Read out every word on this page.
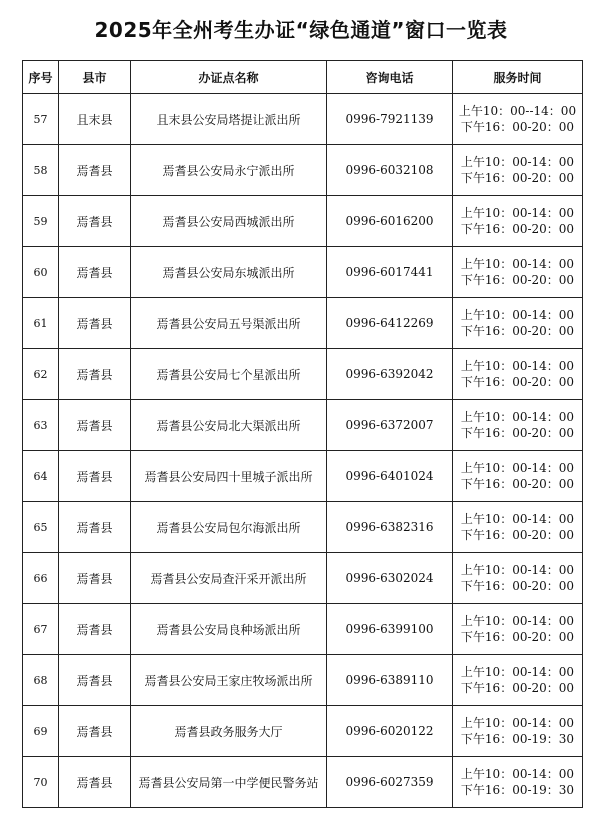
2025年全州考生办证“绿色通道”窗口一览表
序号	县市	办证点名称	咨询电话	服务时间
57	且末县	且末县公安局塔提让派出所	0996-7921139	上午10：00--14：00
下午16：00-20：00

58	焉耆县	焉耆县公安局永宁派出所	0996-6032108	上午10：00-14：00
下午16：00-20：00

59	焉耆县	焉耆县公安局西城派出所	0996-6016200	上午10：00-14：00
下午16：00-20：00

60	焉耆县	焉耆县公安局东城派出所	0996-6017441	上午10：00-14：00
下午16：00-20：00

61	焉耆县	焉耆县公安局五号渠派出所	0996-6412269	上午10：00-14：00
下午16：00-20：00

62	焉耆县	焉耆县公安局七个星派出所	0996-6392042	上午10：00-14：00
下午16：00-20：00

63	焉耆县	焉耆县公安局北大渠派出所	0996-6372007	上午10：00-14：00
下午16：00-20：00

64	焉耆县	焉耆县公安局四十里城子派出所	0996-6401024	上午10：00-14：00
下午16：00-20：00

65	焉耆县	焉耆县公安局包尔海派出所	0996-6382316	上午10：00-14：00
下午16：00-20：00

66	焉耆县	焉耆县公安局查汗采开派出所	0996-6302024	上午10：00-14：00
下午16：00-20：00

67	焉耆县	焉耆县公安局良种场派出所	0996-6399100	上午10：00-14：00
下午16：00-20：00

68	焉耆县	焉耆县公安局王家庄牧场派出所	0996-6389110	上午10：00-14：00
下午16：00-20：00

69	焉耆县	焉耆县政务服务大厅	0996-6020122	上午10：00-14：00
下午16：00-19：30

70	焉耆县	焉耆县公安局第一中学便民警务站	0996-6027359	上午10：00-14：00
下午16：00-19：30
